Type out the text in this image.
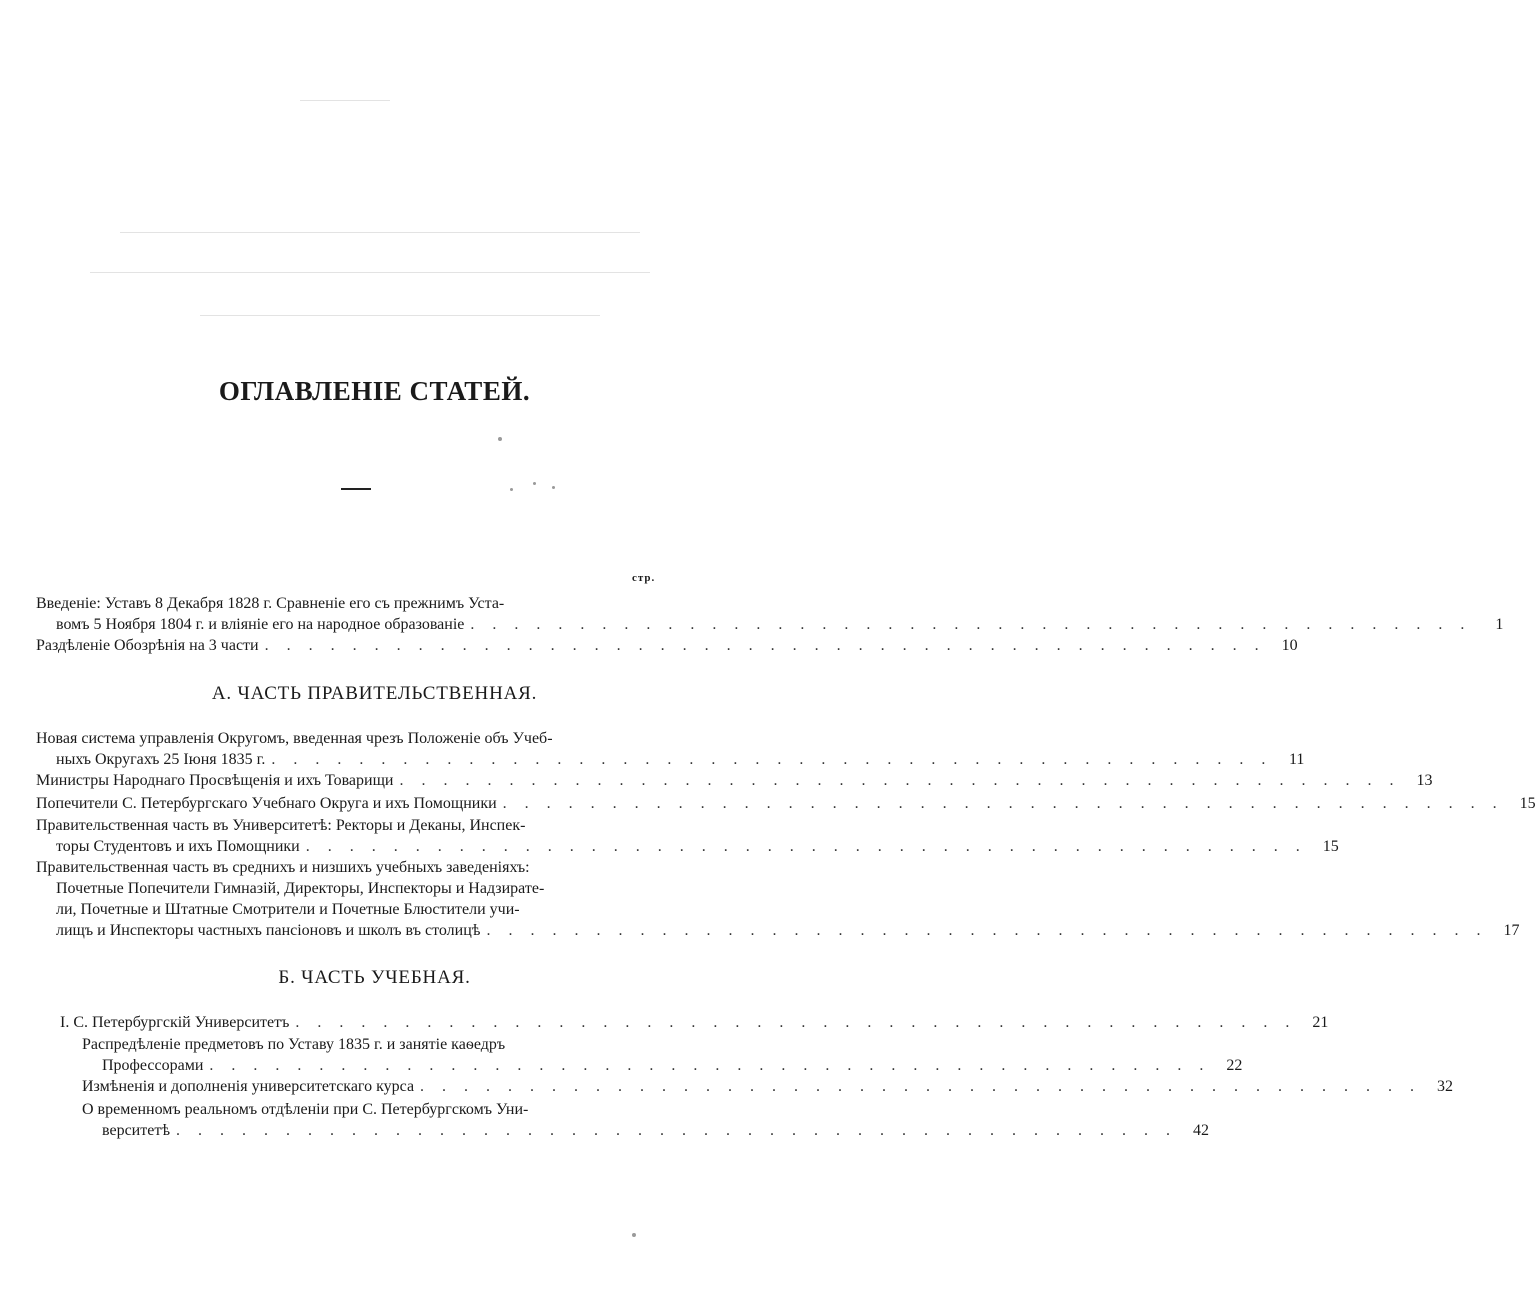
ОГЛАВЛЕНІЕ СТАТЕЙ.
стр.
Введеніе: Уставъ 8 Декабря 1828 г. Сравненіе его съ прежнимъ Уста-
вомъ 5 Ноября 1804 г. и вліяніе его на народное образованіе . . . . . . . . . . . . . . . . . . . . . . . . . . . . . . . . . . . . . . . . . . . . . .	1
Раздѣленіе Обозрѣнія на 3 части . . . . . . . . . . . . . . . . . . . . . . . . . . . . . . . . . . . . . . . . . . . . . .	10
А. ЧАСТЬ ПРАВИТЕЛЬСТВЕННАЯ.
Новая система управленія Округомъ, введенная чрезъ Положеніе объ Учеб-
ныхъ Округахъ 25 Іюня 1835 г. . . . . . . . . . . . . . . . . . . . . . . . . . . . . . . . . . . . . . . . . . . . . . .	11
Министры Народнаго Просвѣщенія и ихъ Товарищи . . . . . . . . . . . . . . . . . . . . . . . . . . . . . . . . . . . . . . . . . . . . . .	13
Попечители С. Петербургскаго Учебнаго Округа и ихъ Помощники . . . . . . . . . . . . . . . . . . . . . . . . . . . . . . . . . . . . . . . . . . . . . .	15
Правительственная часть въ Университетѣ: Ректоры и Деканы, Инспек-
торы Студентовъ и ихъ Помощники . . . . . . . . . . . . . . . . . . . . . . . . . . . . . . . . . . . . . . . . . . . . . .	15
Правительственная часть въ среднихъ и низшихъ учебныхъ заведеніяхъ:
Почетные Попечители Гимназій, Директоры, Инспекторы и Надзирате-
ли, Почетные и Штатные Смотрители и Почетные Блюстители учи-
лищъ и Инспекторы частныхъ пансіоновъ и школъ въ столицѣ . . . . . . . . . . . . . . . . . . . . . . . . . . . . . . . . . . . . . . . . . . . . . .	17
Б. ЧАСТЬ УЧЕБНАЯ.
І. С. Петербургскій Университетъ . . . . . . . . . . . . . . . . . . . . . . . . . . . . . . . . . . . . . . . . . . . . . .	21
Распредѣленіе предметовъ по Уставу 1835 г. и занятіе каѳедръ
Профессорами . . . . . . . . . . . . . . . . . . . . . . . . . . . . . . . . . . . . . . . . . . . . . .	22
Измѣненія и дополненія университетскаго курса . . . . . . . . . . . . . . . . . . . . . . . . . . . . . . . . . . . . . . . . . . . . . .	32
О временномъ реальномъ отдѣленіи при С. Петербургскомъ Уни-
верситетѣ . . . . . . . . . . . . . . . . . . . . . . . . . . . . . . . . . . . . . . . . . . . . . .	42
